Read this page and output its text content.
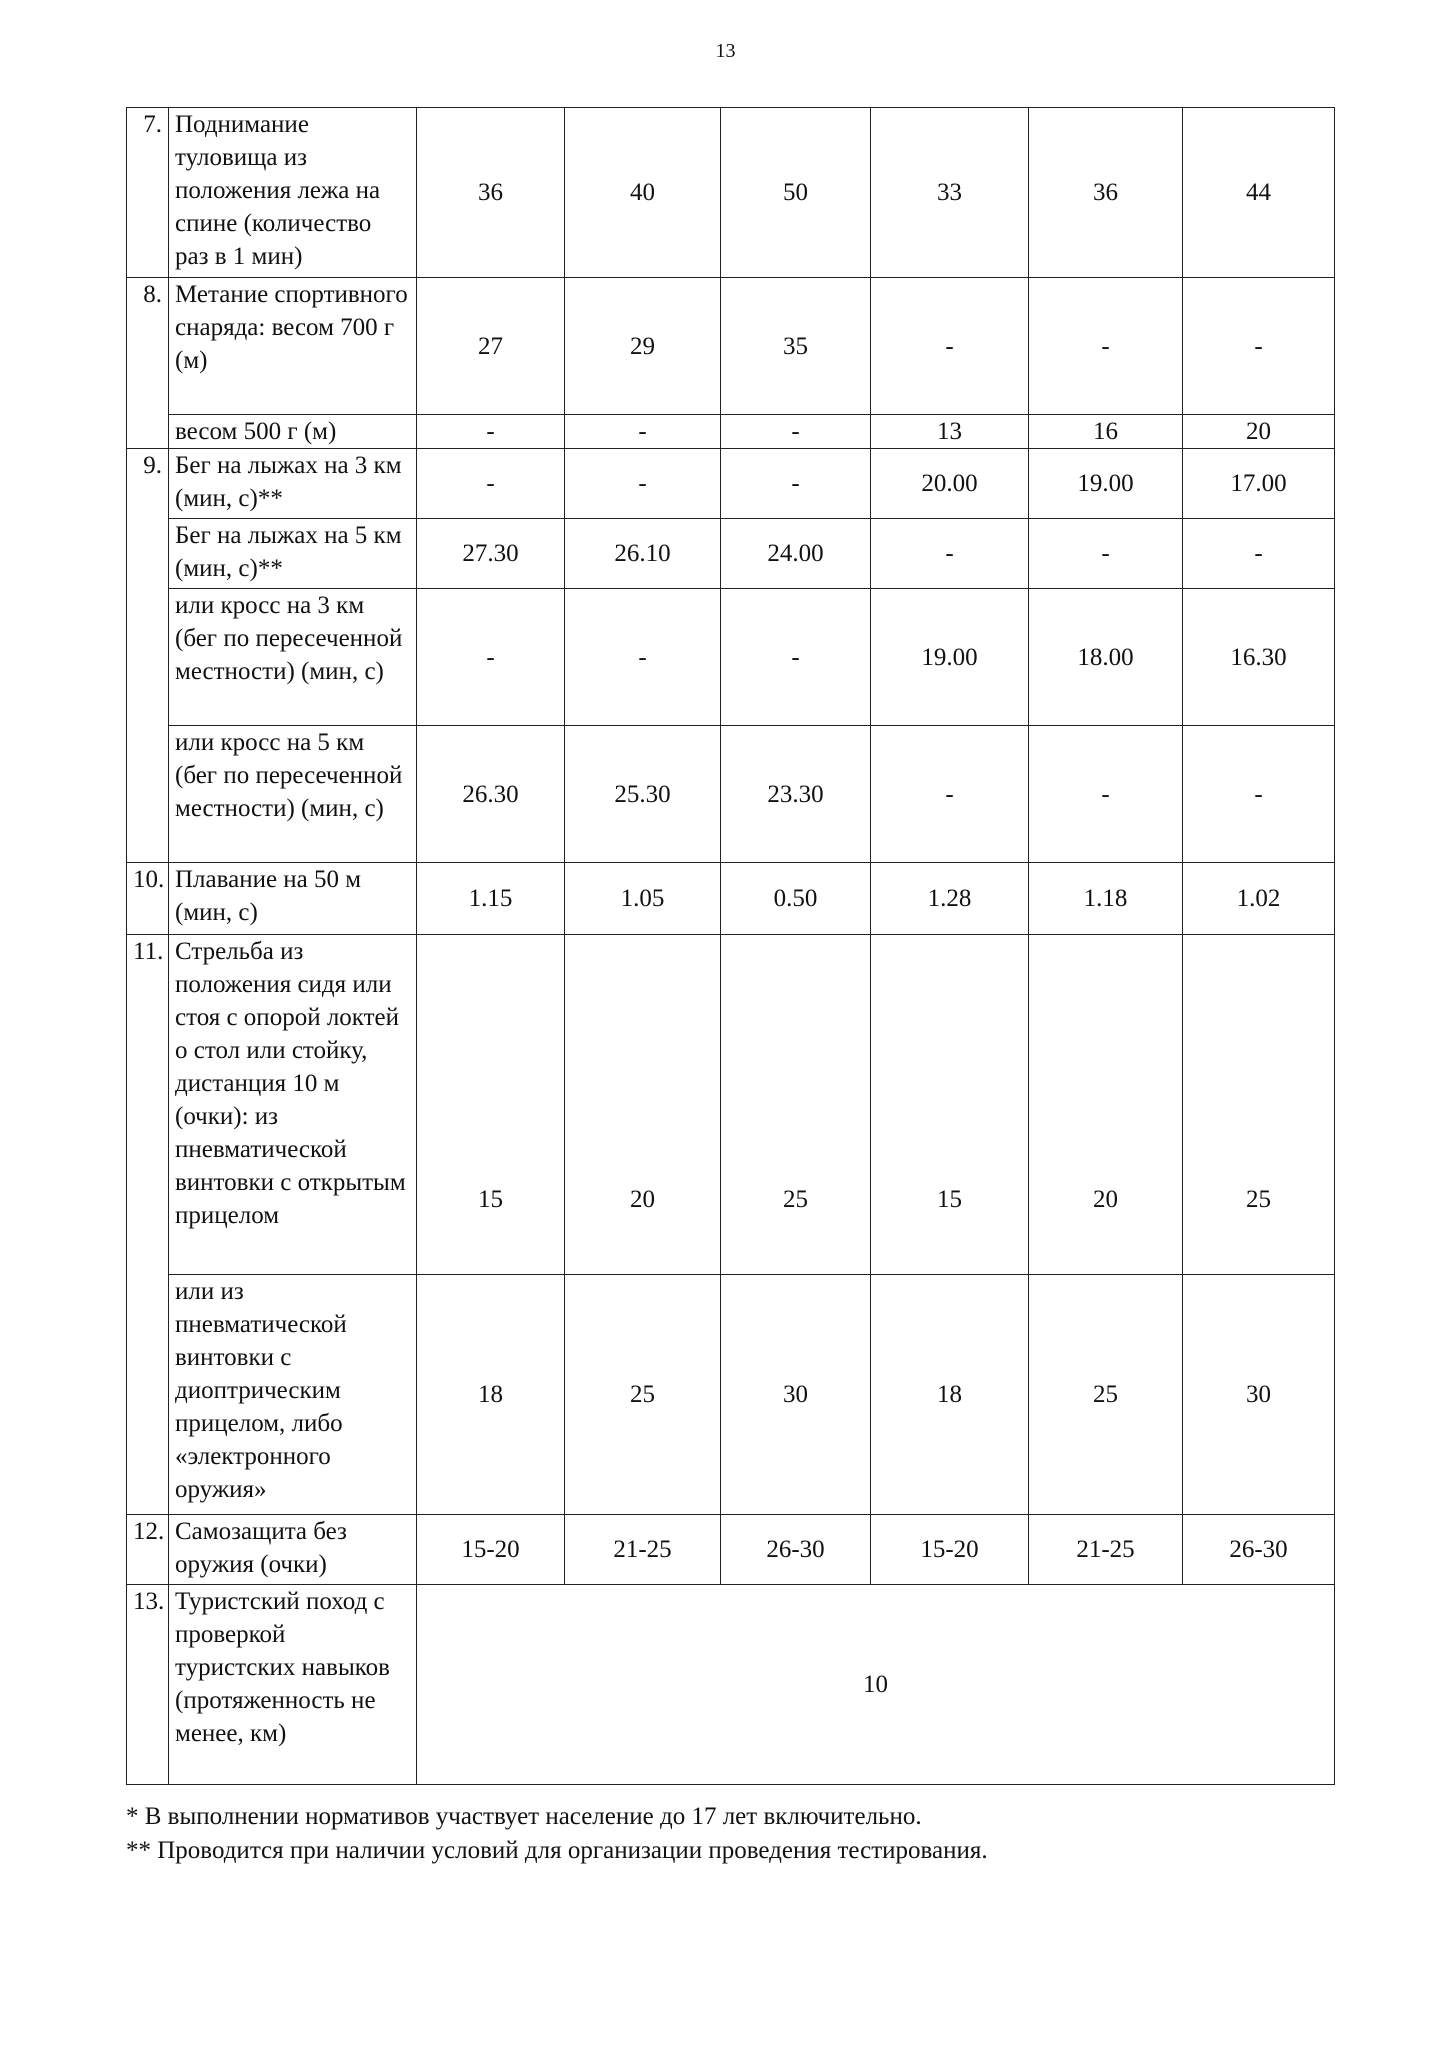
13
7.	Поднимание туловища из положения лежа на спине (количество раз в 1 мин)	36	40	50	33	36	44
8.	Метание спортивного снаряда: весом 700 г (м)	27	29	35	-	-	-
	весом 500 г (м)	-	-	-	13	16	20
9.	Бег на лыжах на 3 км (мин, с)**	-	-	-	20.00	19.00	17.00
	Бег на лыжах на 5 км (мин, с)**	27.30	26.10	24.00	-	-	-
	или кросс на 3 км (бег по пересеченной местности) (мин, с)	-	-	-	19.00	18.00	16.30
	или кросс на 5 км (бег по пересеченной местности) (мин, с)	26.30	25.30	23.30	-	-	-
10.	Плавание на 50 м (мин, с)	1.15	1.05	0.50	1.28	1.18	1.02
11.	Стрельба из положения сидя или стоя с опорой локтей о стол или стойку, дистанция 10 м (очки): из пневматической винтовки с открытым прицелом	15	20	25	15	20	25
	или из пневматической винтовки с диоптрическим прицелом, либо «электронного оружия»	18	25	30	18	25	30
12.	Самозащита без оружия (очки)	15-20	21-25	26-30	15-20	21-25	26-30
13.	Туристский поход с проверкой туристских навыков (протяженность не менее, км)	10					
* В выполнении нормативов участвует население до 17 лет включительно.
** Проводится при наличии условий для организации проведения тестирования.
